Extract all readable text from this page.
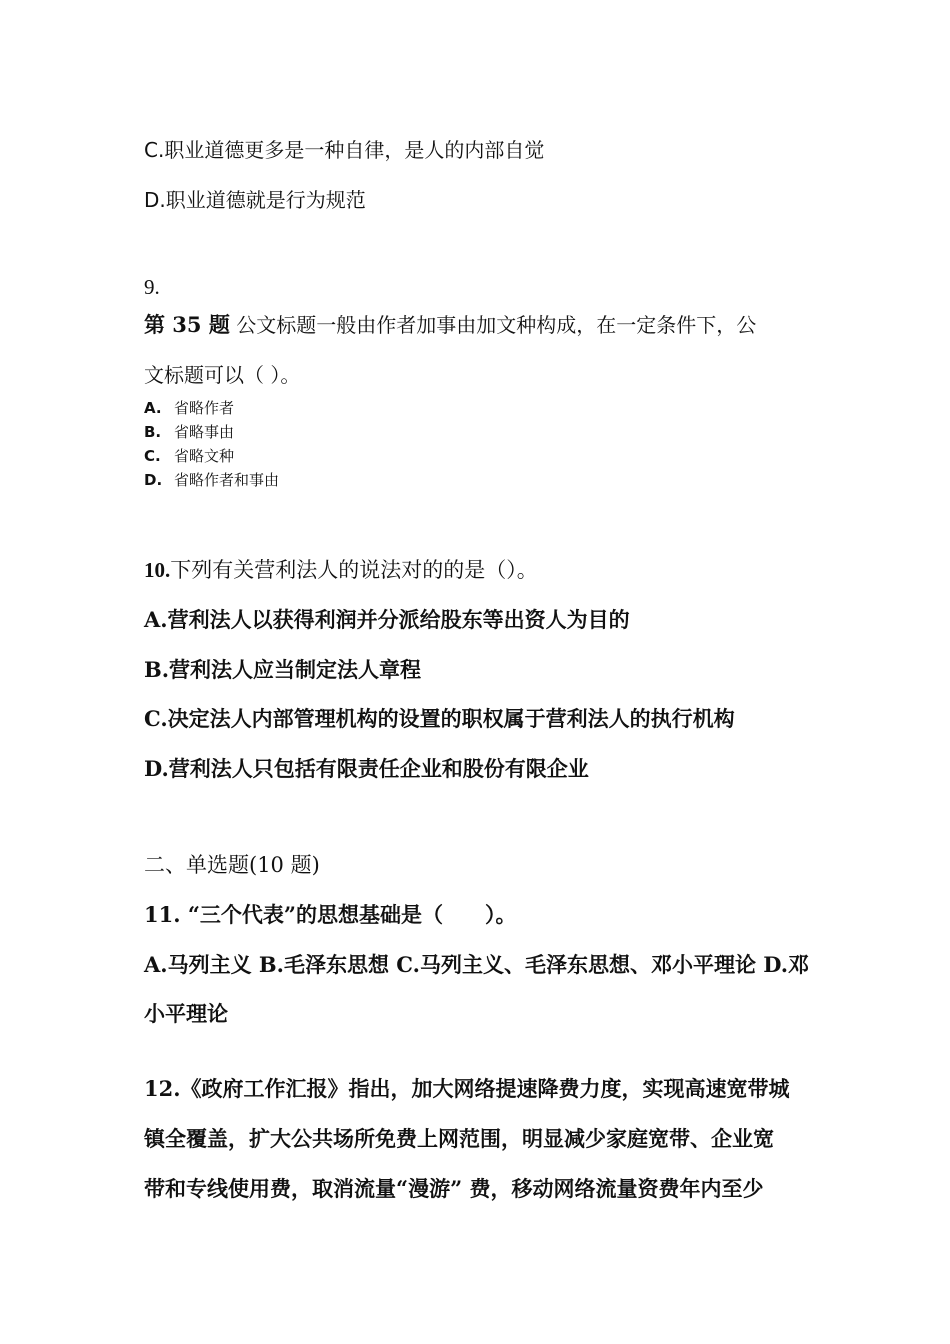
C.职业道德更多是一种自律，是人的内部自觉
D.职业道德就是行为规范
9.
第 35 题 公文标题一般由作者加事由加文种构成，在一定条件下，公
文标题可以（ ）。
A. 省略作者
B. 省略事由
C. 省略文种
D. 省略作者和事由
10.下列有关营利法人的说法对的的是（）。
A.营利法人以获得利润并分派给股东等出资人为目的
B.营利法人应当制定法人章程
C.决定法人内部管理机构的设置的职权属于营利法人的执行机构
D.营利法人只包括有限责任企业和股份有限企业
二、单选题(10 题)
11. “三个代表”的思想基础是（　　）。
A.马列主义 B.毛泽东思想 C.马列主义、毛泽东思想、邓小平理论 D.邓
小平理论
12.《政府工作汇报》指出，加大网络提速降费力度，实现高速宽带城
镇全覆盖，扩大公共场所免费上网范围，明显减少家庭宽带、企业宽
带和专线使用费，取消流量“漫游” 费，移动网络流量资费年内至少
